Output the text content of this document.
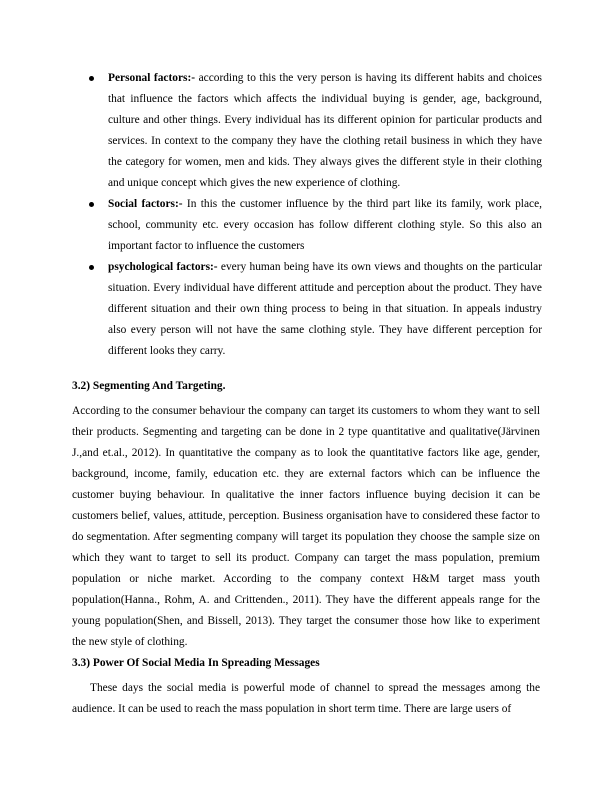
Personal factors:- according to this the very person is having its different habits and choices that influence the factors which affects the individual buying is gender, age, background, culture and other things. Every individual has its different opinion for particular products and services. In context to the company they have the clothing retail business in which they have the category for women, men and kids. They always gives the different style in their clothing and unique concept which gives the new experience of clothing.
Social factors:- In this the customer influence by the third part like its family, work place, school, community etc. every occasion has follow different clothing style. So this also an important factor to influence the customers
psychological factors:- every human being have its own views and thoughts on the particular situation. Every individual have different attitude and perception about the product. They have different situation and their own thing process to being in that situation. In appeals industry also every person will not have the same clothing style. They have different perception for different looks they carry.
3.2) Segmenting And Targeting.

According to the consumer behaviour the company can target its customers to whom they want to sell their products. Segmenting and targeting can be done in 2 type quantitative and qualitative(Järvinen J.,and et.al., 2012). In quantitative the company as to look the quantitative factors like age, gender, background, income, family, education etc. they are external factors which can be influence the customer buying behaviour. In qualitative the inner factors influence buying decision it can be customers belief, values, attitude, perception. Business organisation have to considered these factor to do segmentation. After segmenting company will target its population they choose the sample size on which they want to target to sell its product. Company can target the mass population, premium population or niche market. According to the company context H&M target mass youth population(Hanna., Rohm, A. and Crittenden., 2011). They have the different appeals range for the young population(Shen, and Bissell, 2013). They target the consumer those how like to experiment the new style of clothing.

3.3) Power Of Social Media In Spreading Messages

These days the social media is powerful mode of channel to spread the messages among the audience. It can be used to reach the mass population in short term time. There are large users of
